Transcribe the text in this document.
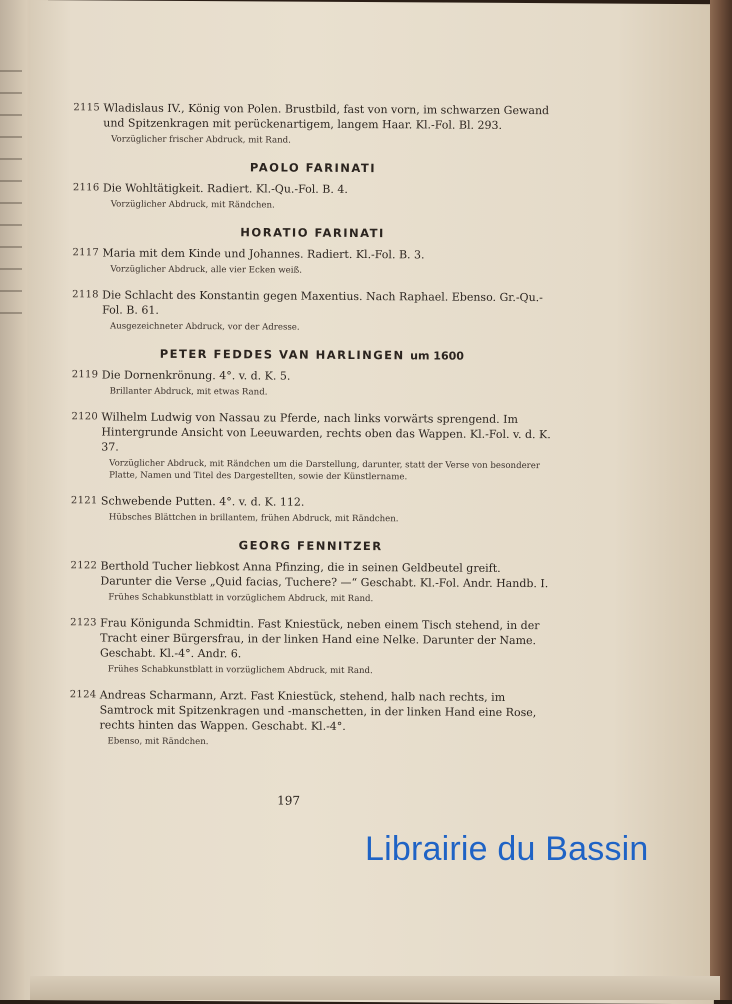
2115 Wladislaus IV., König von Polen. Brustbild, fast von vorn, im schwarzen Gewand und Spitzenkragen mit perückenartigem, langem Haar. Kl.-Fol. Bl. 293.
Vorzüglicher frischer Abdruck, mit Rand.
PAOLO FARINATI
2116 Die Wohltätigkeit. Radiert. Kl.-Qu.-Fol. B. 4.
Vorzüglicher Abdruck, mit Rändchen.
HORATIO FARINATI
2117 Maria mit dem Kinde und Johannes. Radiert. Kl.-Fol. B. 3.
Vorzüglicher Abdruck, alle vier Ecken weiß.
2118 Die Schlacht des Konstantin gegen Maxentius. Nach Raphael. Ebenso. Gr.-Qu.-Fol. B. 61.
Ausgezeichneter Abdruck, vor der Adresse.
PETER FEDDES VAN HARLINGEN um 1600
2119 Die Dornenkrönung. 4°. v. d. K. 5.
Brillanter Abdruck, mit etwas Rand.
2120 Wilhelm Ludwig von Nassau zu Pferde, nach links vorwärts sprengend. Im Hintergrunde Ansicht von Leeuwarden, rechts oben das Wappen. Kl.-Fol. v. d. K. 37.
Vorzüglicher Abdruck, mit Rändchen um die Darstellung, darunter, statt der Verse von besonderer Platte, Namen und Titel des Dargestellten, sowie der Künstlername.
2121 Schwebende Putten. 4°. v. d. K. 112.
Hübsches Blättchen in brillantem, frühen Abdruck, mit Rändchen.
GEORG FENNITZER
2122 Berthold Tucher liebkost Anna Pfinzing, die in seinen Geldbeutel greift. Darunter die Verse „Quid facias, Tuchere? —“ Geschabt. Kl.-Fol. Andr. Handb. I.
Frühes Schabkunstblatt in vorzüglichem Abdruck, mit Rand.
2123 Frau Königunda Schmidtin. Fast Kniestück, neben einem Tisch stehend, in der Tracht einer Bürgersfrau, in der linken Hand eine Nelke. Darunter der Name. Geschabt. Kl.-4°. Andr. 6.
Frühes Schabkunstblatt in vorzüglichem Abdruck, mit Rand.
2124 Andreas Scharmann, Arzt. Fast Kniestück, stehend, halb nach rechts, im Samtrock mit Spitzenkragen und -manschetten, in der linken Hand eine Rose, rechts hinten das Wappen. Geschabt. Kl.-4°.
Ebenso, mit Rändchen.
197
Librairie du Bassin
